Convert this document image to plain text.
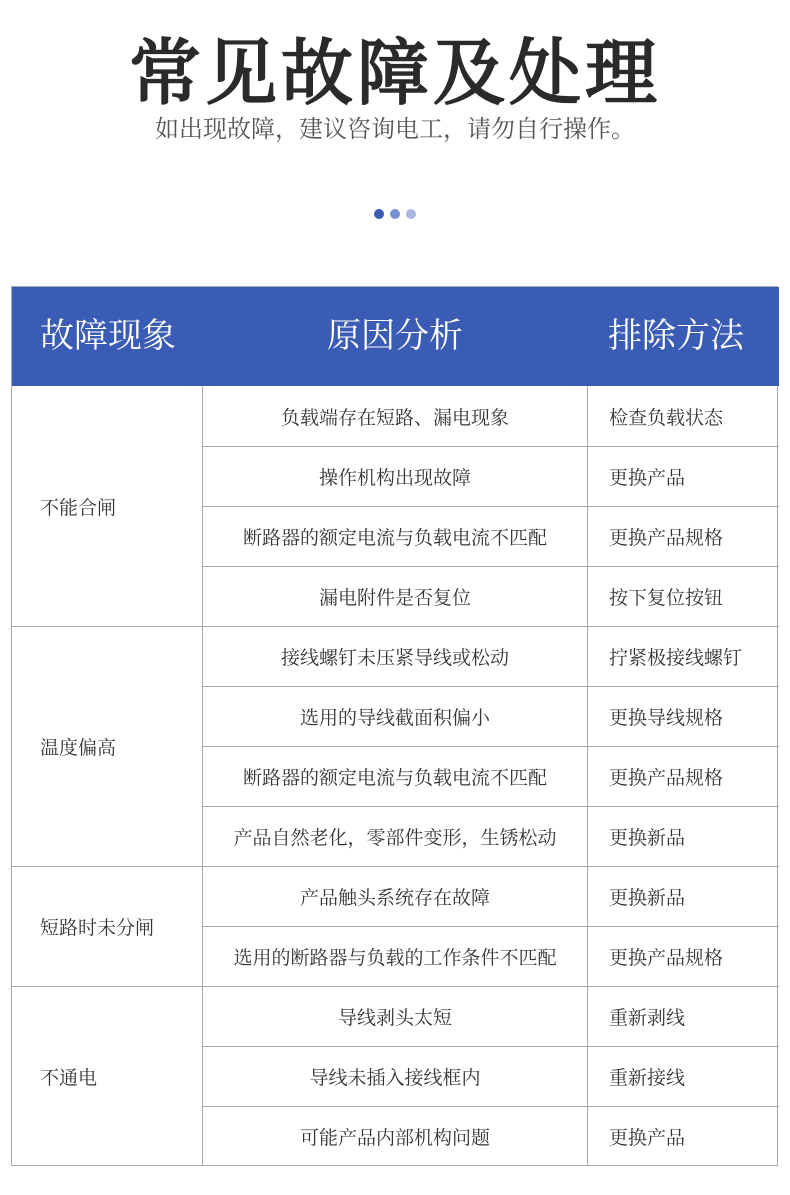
常见故障及处理
如出现故障，建议咨询电工，请勿自行操作。
故障现象	原因分析	排除方法
不能合闸
负载端存在短路、漏电现象	检查负载状态
操作机构出现故障	更换产品
断路器的额定电流与负载电流不匹配	更换产品规格
漏电附件是否复位	按下复位按钮
温度偏高
接线螺钉未压紧导线或松动	拧紧极接线螺钉
选用的导线截面积偏小	更换导线规格
断路器的额定电流与负载电流不匹配	更换产品规格
产品自然老化，零部件变形，生锈松动	更换新品
短路时未分闸
产品触头系统存在故障	更换新品
选用的断路器与负载的工作条件不匹配	更换产品规格
不通电
导线剥头太短	重新剥线
导线未插入接线框内	重新接线
可能产品内部机构问题	更换产品
